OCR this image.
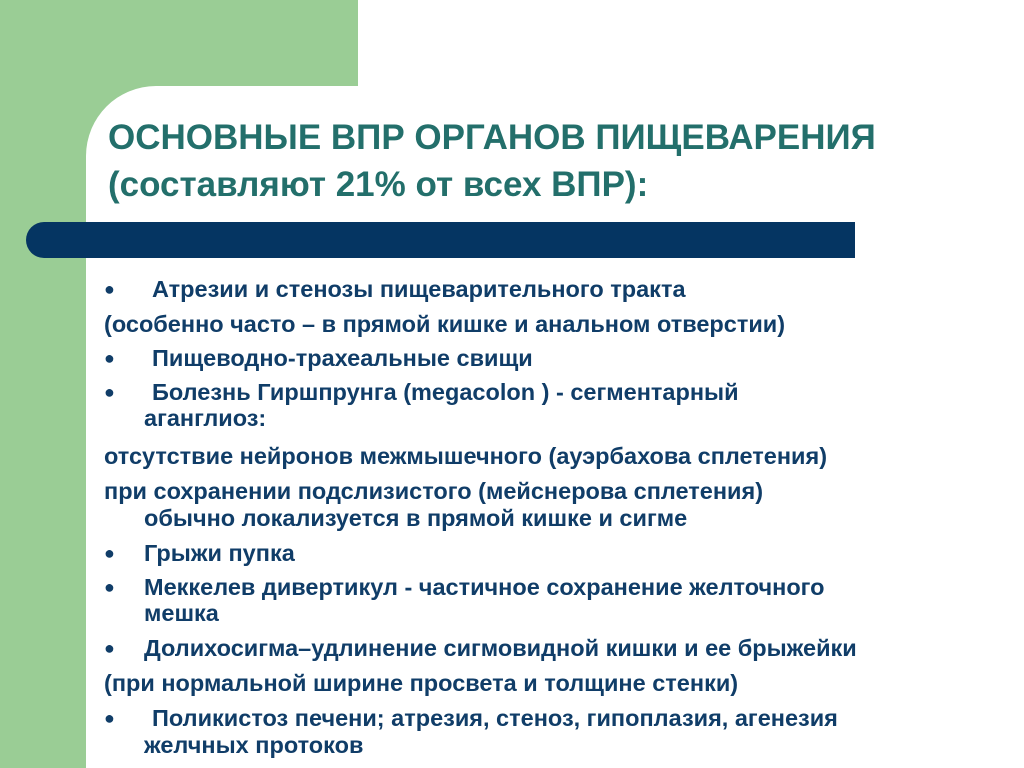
ОСНОВНЫЕ ВПР ОРГАНОВ ПИЩЕВАРЕНИЯ
(составляют 21% от всех ВПР):
● Атрезии и стенозы пищеварительного тракта
(особенно часто – в прямой кишке и анальном отверстии)
● Пищеводно-трахеальные свищи
● Болезнь Гиршпрунга (megacolon ) - сегментарный
аганглиоз:
отсутствие нейронов межмышечного (ауэрбахова сплетения)
при сохранении подслизистого (мейснерова сплетения)
обычно локализуется в прямой кишке и сигме
● Грыжи пупка
● Меккелев дивертикул - частичное сохранение желточного
мешка
● Долихосигма–удлинение сигмовидной кишки и ее брыжейки
(при нормальной ширине просвета и толщине стенки)
● Поликистоз печени; атрезия, стеноз, гипоплазия, агенезия
желчных протоков
